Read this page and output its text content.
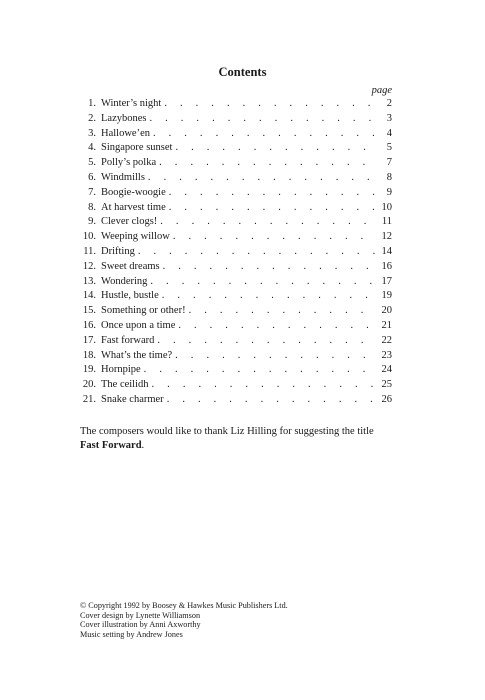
Contents
page
1. Winter’s night . . .	2
2. Lazybones . . .	3
3. Hallowe’en . . .	4
4. Singapore sunset . . .	5
5. Polly’s polka . . .	7
6. Windmills . . .	8
7. Boogie-woogie . . .	9
8. At harvest time . . .	10
9. Clever clogs! . . .	11
10. Weeping willow . . .	12
11. Drifting . . .	14
12. Sweet dreams . . .	16
13. Wondering . . .	17
14. Hustle, bustle . . .	19
15. Something or other! . . .	20
16. Once upon a time . . .	21
17. Fast forward . . .	22
18. What’s the time? . . .	23
19. Hornpipe . . .	24
20. The ceilidh . . .	25
21. Snake charmer . . .	26
The composers would like to thank Liz Hilling for suggesting the title
Fast Forward.
© Copyright 1992 by Boosey & Hawkes Music Publishers Ltd.
Cover design by Lynette Williamson
Cover illustration by Anni Axworthy
Music setting by Andrew Jones
